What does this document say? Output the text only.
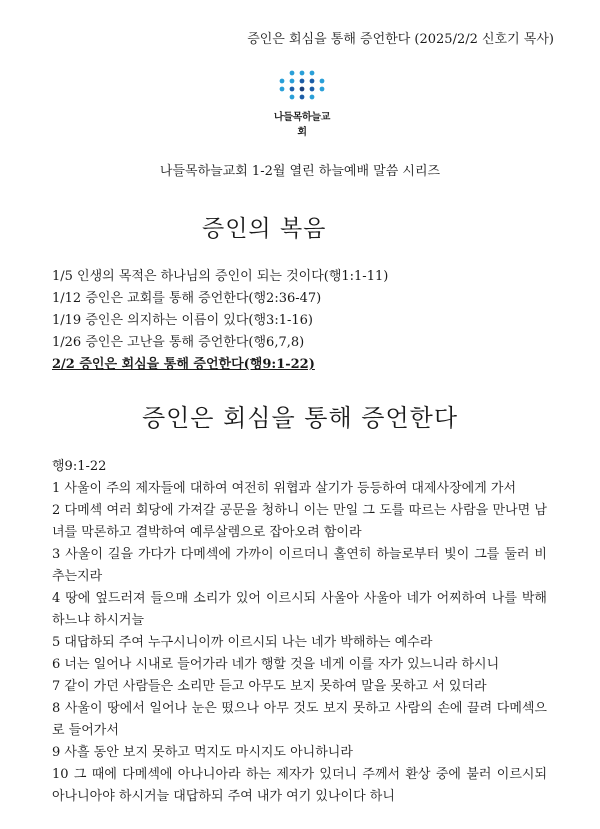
증인은 회심을 통해 증언한다 (2025/2/2 신호기 목사)
나들목하늘교회
나들목하늘교회 1-2월 열린 하늘예배 말씀 시리즈
증인의 복음
1/5 인생의 목적은 하나님의 증인이 되는 것이다(행1:1-11)
1/12 증인은 교회를 통해 증언한다(행2:36-47)
1/19 증인은 의지하는 이름이 있다(행3:1-16)
1/26 증인은 고난을 통해 증언한다(행6,7,8)
2/2 증인은 회심을 통해 증언한다(행9:1-22)
증인은 회심을 통해 증언한다
행9:1-22
1 사울이 주의 제자들에 대하여 여전히 위협과 살기가 등등하여 대제사장에게 가서
2 다메섹 여러 회당에 가져갈 공문을 청하니 이는 만일 그 도를 따르는 사람을 만나면 남녀를 막론하고 결박하여 예루살렘으로 잡아오려 함이라
3 사울이 길을 가다가 다메섹에 가까이 이르더니 홀연히 하늘로부터 빛이 그를 둘러 비추는지라
4 땅에 엎드러져 들으매 소리가 있어 이르시되 사울아 사울아 네가 어찌하여 나를 박해하느냐 하시거늘
5 대답하되 주여 누구시니이까 이르시되 나는 네가 박해하는 예수라
6 너는 일어나 시내로 들어가라 네가 행할 것을 네게 이를 자가 있느니라 하시니
7 같이 가던 사람들은 소리만 듣고 아무도 보지 못하여 말을 못하고 서 있더라
8 사울이 땅에서 일어나 눈은 떴으나 아무 것도 보지 못하고 사람의 손에 끌려 다메섹으로 들어가서
9 사흘 동안 보지 못하고 먹지도 마시지도 아니하니라
10 그 때에 다메섹에 아나니아라 하는 제자가 있더니 주께서 환상 중에 불러 이르시되 아나니아야 하시거늘 대답하되 주여 내가 여기 있나이다 하니
